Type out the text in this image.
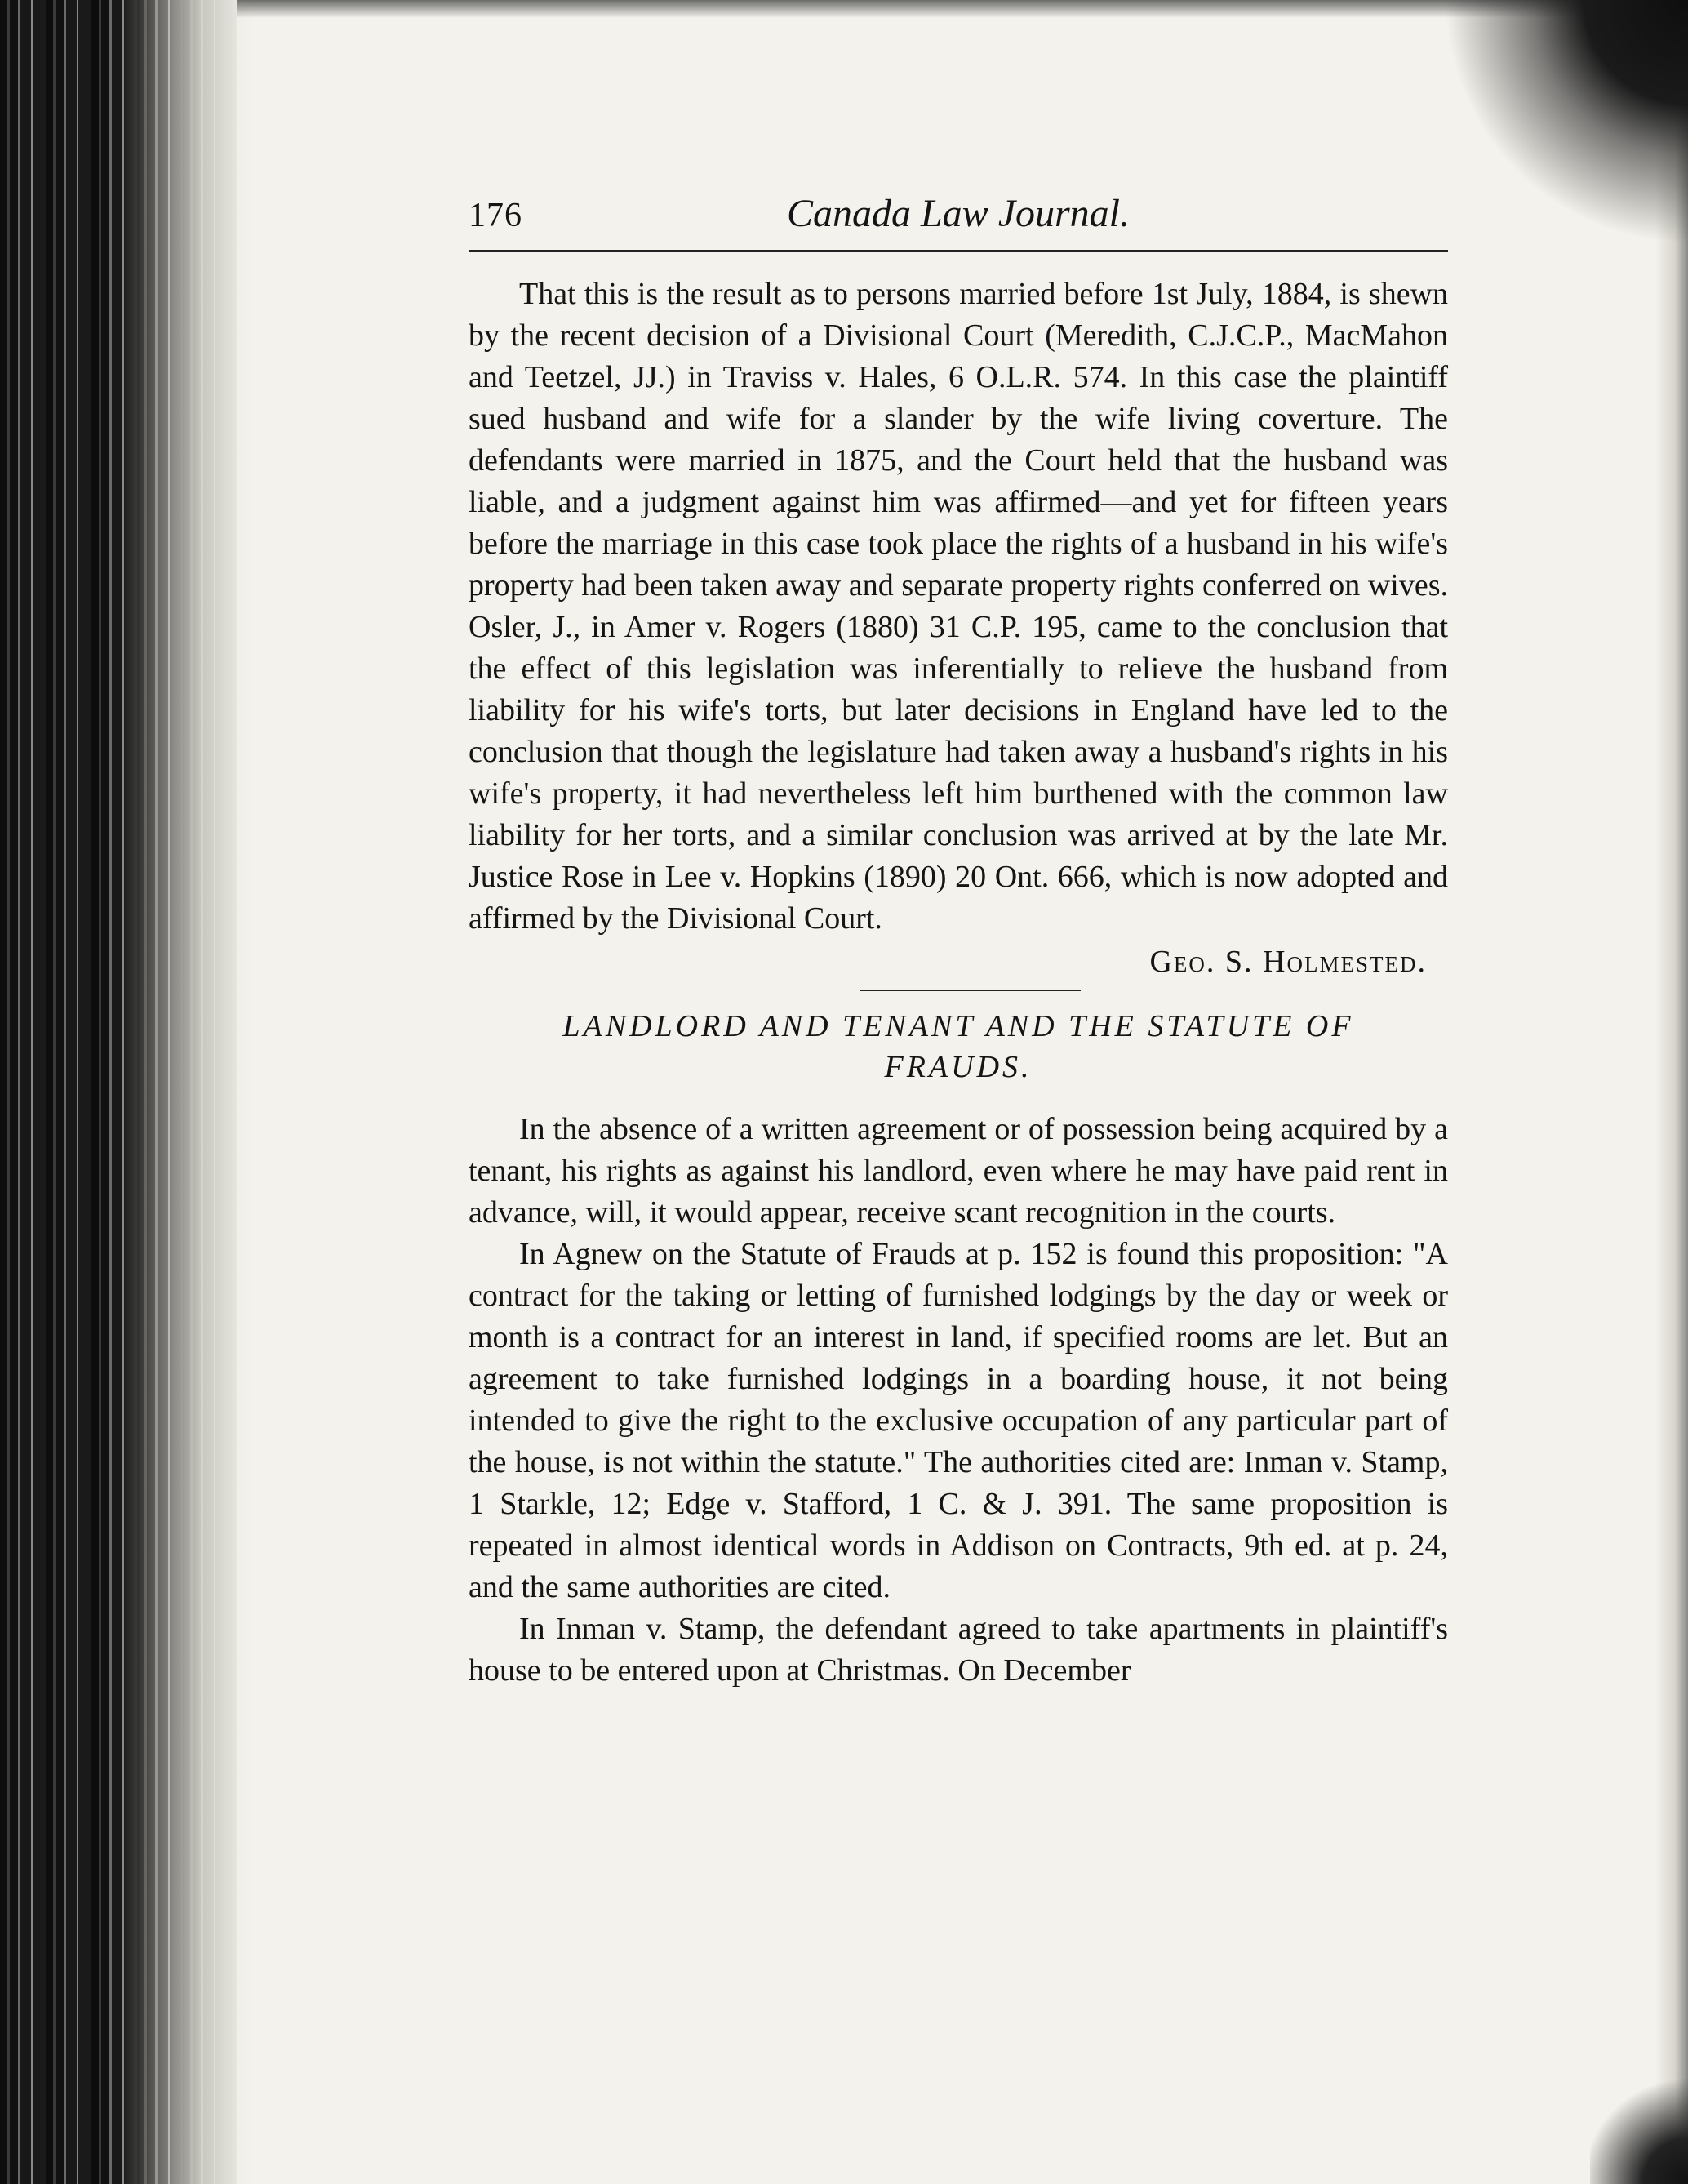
176	Canada Law Journal.

That this is the result as to persons married before 1st July, 1884, is shewn by the recent decision of a Divisional Court (Meredith, C.J.C.P., MacMahon and Teetzel, JJ.) in Traviss v. Hales, 6 O.L.R. 574. In this case the plaintiff sued husband and wife for a slander by the wife living coverture. The defendants were married in 1875, and the Court held that the husband was liable, and a judgment against him was affirmed—and yet for fifteen years before the marriage in this case took place the rights of a husband in his wife's property had been taken away and separate property rights conferred on wives. Osler, J., in Amer v. Rogers (1880) 31 C.P. 195, came to the conclusion that the effect of this legislation was inferentially to relieve the husband from liability for his wife's torts, but later decisions in England have led to the conclusion that though the legislature had taken away a husband's rights in his wife's property, it had nevertheless left him burthened with the common law liability for her torts, and a similar conclusion was arrived at by the late Mr. Justice Rose in Lee v. Hopkins (1890) 20 Ont. 666, which is now adopted and affirmed by the Divisional Court.

Geo. S. Holmested.
LANDLORD AND TENANT AND THE STATUTE OF FRAUDS.

In the absence of a written agreement or of possession being acquired by a tenant, his rights as against his landlord, even where he may have paid rent in advance, will, it would appear, receive scant recognition in the courts.

In Agnew on the Statute of Frauds at p. 152 is found this proposition: "A contract for the taking or letting of furnished lodgings by the day or week or month is a contract for an interest in land, if specified rooms are let. But an agreement to take furnished lodgings in a boarding house, it not being intended to give the right to the exclusive occupation of any particular part of the house, is not within the statute." The authorities cited are: Inman v. Stamp, 1 Starkle, 12; Edge v. Stafford, 1 C. & J. 391. The same proposition is repeated in almost identical words in Addison on Contracts, 9th ed. at p. 24, and the same authorities are cited.

In Inman v. Stamp, the defendant agreed to take apartments in plaintiff's house to be entered upon at Christmas. On December
